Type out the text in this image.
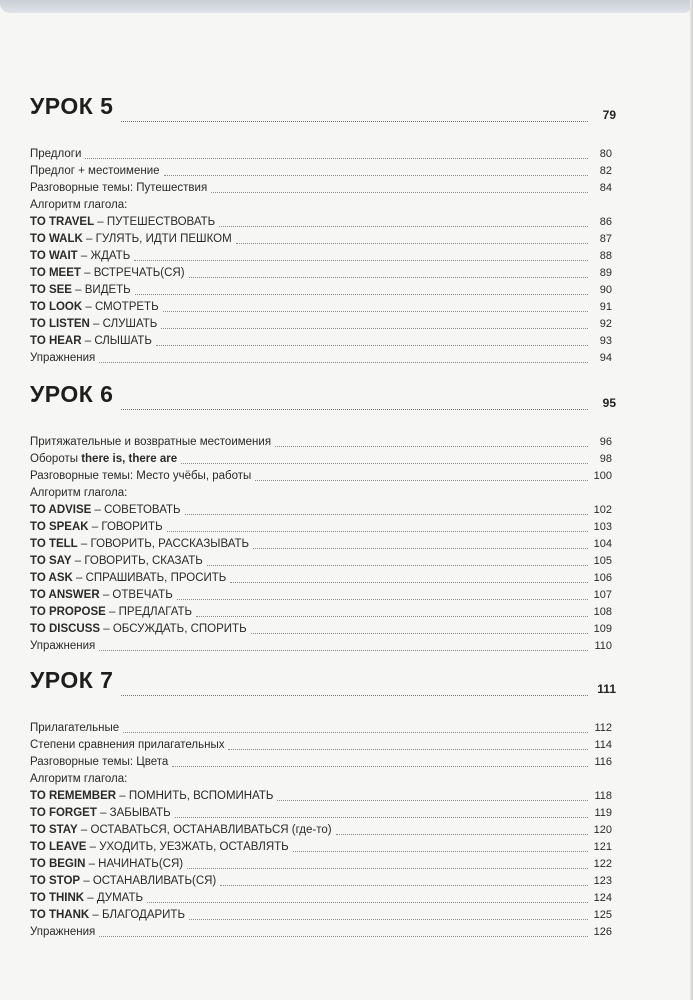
УРОК 5	79
Предлоги	80
Предлог + местоимение	82
Разговорные темы: Путешествия	84
Алгоритм глагола:
TO TRAVEL – ПУТЕШЕСТВОВАТЬ	86
TO WALK – ГУЛЯТЬ, ИДТИ ПЕШКОМ	87
TO WAIT – ЖДАТЬ	88
TO MEET – ВСТРЕЧАТЬ(СЯ)	89
TO SEE – ВИДЕТЬ	90
TO LOOK – СМОТРЕТЬ	91
TO LISTEN – СЛУШАТЬ	92
TO HEAR – СЛЫШАТЬ	93
Упражнения	94
УРОК 6	95
Притяжательные и возвратные местоимения	96
Обороты there is, there are	98
Разговорные темы: Место учёбы, работы	100
Алгоритм глагола:
TO ADVISE – СОВЕТОВАТЬ	102
TO SPEAK – ГОВОРИТЬ	103
TO TELL – ГОВОРИТЬ, РАССКАЗЫВАТЬ	104
TO SAY – ГОВОРИТЬ, СКАЗАТЬ	105
TO ASK – СПРАШИВАТЬ, ПРОСИТЬ	106
TO ANSWER – ОТВЕЧАТЬ	107
TO PROPOSE – ПРЕДЛАГАТЬ	108
TO DISCUSS – ОБСУЖДАТЬ, СПОРИТЬ	109
Упражнения	110
УРОК 7	111
Прилагательные	112
Степени сравнения прилагательных	114
Разговорные темы: Цвета	116
Алгоритм глагола:
TO REMEMBER – ПОМНИТЬ, ВСПОМИНАТЬ	118
TO FORGET – ЗАБЫВАТЬ	119
TO STAY – ОСТАВАТЬСЯ, ОСТАНАВЛИВАТЬСЯ (где-то)	120
TO LEAVE – УХОДИТЬ, УЕЗЖАТЬ, ОСТАВЛЯТЬ	121
TO BEGIN – НАЧИНАТЬ(СЯ)	122
TO STOP – ОСТАНАВЛИВАТЬ(СЯ)	123
TO THINK – ДУМАТЬ	124
TO THANK – БЛАГОДАРИТЬ	125
Упражнения	126
